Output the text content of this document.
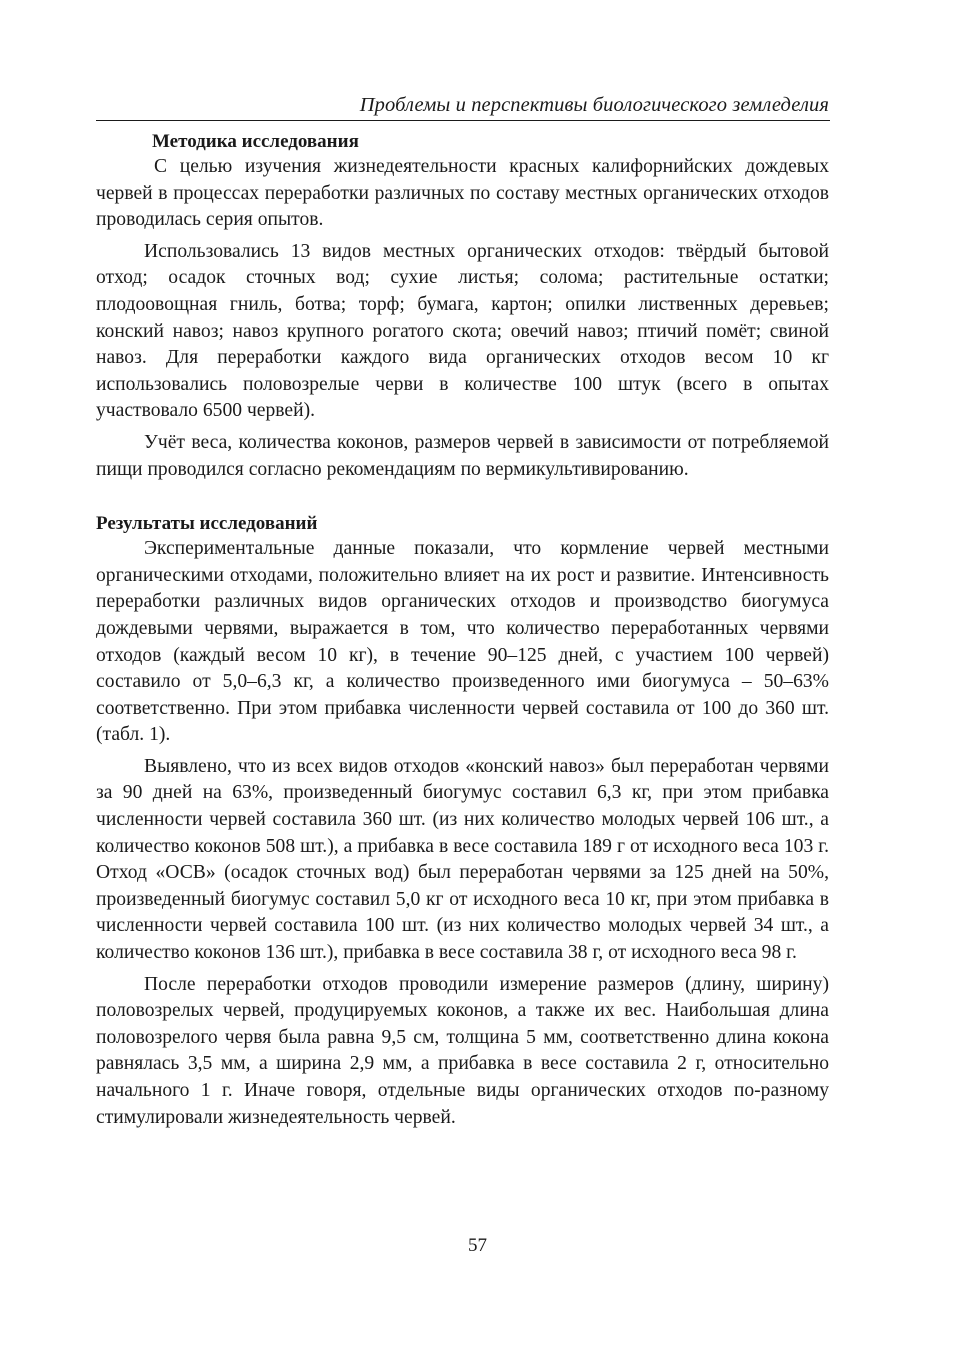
Проблемы и перспективы биологического земледелия
Методика исследования

С целью изучения жизнедеятельности красных калифорнийских дождевых червей в процессах переработки различных по составу местных органических отходов проводилась серия опытов.

Использовались 13 видов местных органических отходов: твёрдый бытовой отход; осадок сточных вод; сухие листья; солома; растительные остатки; плодоовощная гниль, ботва; торф; бумага, картон; опилки лиственных деревьев; конский навоз; навоз крупного рогатого скота; овечий навоз; птичий помёт; свиной навоз. Для переработки каждого вида органических отходов весом 10 кг использовались половозрелые черви в количестве 100 штук (всего в опытах участвовало 6500 червей).

Учёт веса, количества коконов, размеров червей в зависимости от потребляемой пищи проводился согласно рекомендациям по вермикультивированию.

Результаты исследований

Экспериментальные данные показали, что кормление червей местными органическими отходами, положительно влияет на их рост и развитие. Интенсивность переработки различных видов органических отходов и производство биогумуса дождевыми червями, выражается в том, что количество переработанных червями отходов (каждый весом 10 кг), в течение 90–125 дней, с участием 100 червей) составило от 5,0–6,3 кг, а количество произведенного ими биогумуса – 50–63% соответственно. При этом прибавка численности червей составила от 100 до 360 шт. (табл. 1).

Выявлено, что из всех видов отходов «конский навоз» был переработан червями за 90 дней на 63%, произведенный биогумус составил 6,3 кг, при этом прибавка численности червей составила 360 шт. (из них количество молодых червей 106 шт., а количество коконов 508 шт.), а прибавка в весе составила 189 г от исходного веса 103 г. Отход «ОСВ» (осадок сточных вод) был переработан червями за 125 дней на 50%, произведенный биогумус составил 5,0 кг от исходного веса 10 кг, при этом прибавка в численности червей составила 100 шт. (из них количество молодых червей 34 шт., а количество коконов 136 шт.), прибавка в весе составила 38 г, от исходного веса 98 г.

После переработки отходов проводили измерение размеров (длину, ширину) половозрелых червей, продуцируемых коконов, а также их вес. Наибольшая длина половозрелого червя была равна 9,5 см, толщина 5 мм, соответственно длина кокона равнялась 3,5 мм, а ширина 2,9 мм, а прибавка в весе составила 2 г, относительно начального 1 г. Иначе говоря, отдельные виды органических отходов по-разному стимулировали жизнедеятельность червей.

57
